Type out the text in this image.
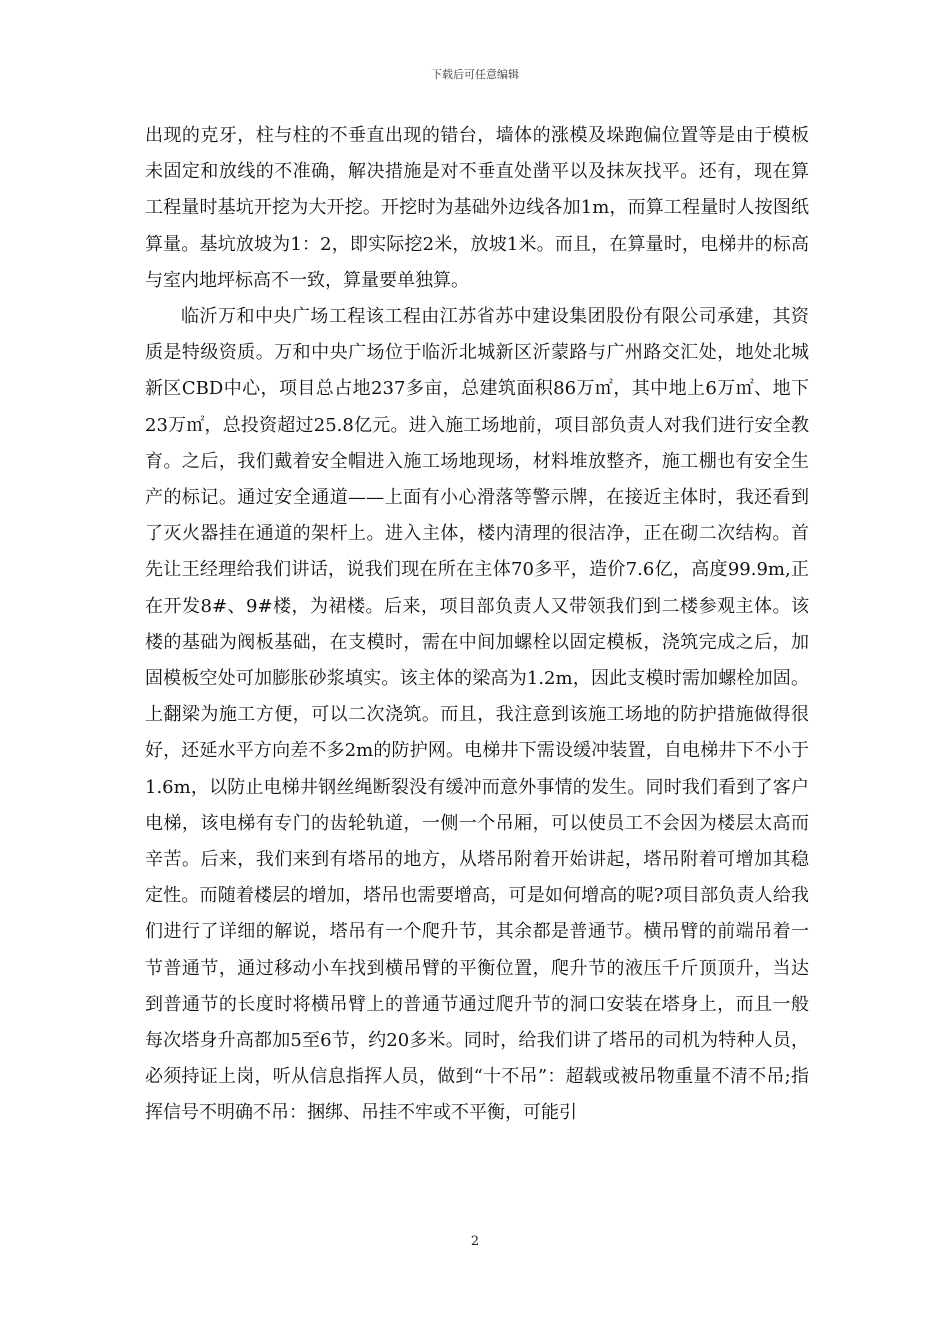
下载后可任意编辑

出现的克牙，柱与柱的不垂直出现的错台，墙体的涨模及垛跑偏位置等是由于模板未固定和放线的不准确，解决措施是对不垂直处凿平以及抹灰找平。还有，现在算工程量时基坑开挖为大开挖。开挖时为基础外边线各加1m，而算工程量时人按图纸算量。基坑放坡为1：2，即实际挖2米，放坡1米。而且，在算量时，电梯井的标高与室内地坪标高不一致，算量要单独算。

临沂万和中央广场工程该工程由江苏省苏中建设集团股份有限公司承建，其资质是特级资质。万和中央广场位于临沂北城新区沂蒙路与广州路交汇处，地处北城新区CBD中心，项目总占地237多亩，总建筑面积86万㎡，其中地上6万㎡、地下23万㎡，总投资超过25.8亿元。进入施工场地前，项目部负责人对我们进行安全教育。之后，我们戴着安全帽进入施工场地现场，材料堆放整齐，施工棚也有安全生产的标记。通过安全通道——上面有小心滑落等警示牌，在接近主体时，我还看到了灭火器挂在通道的架杆上。进入主体，楼内清理的很洁净，正在砌二次结构。首先让王经理给我们讲话，说我们现在所在主体70多平，造价7.6亿，高度99.9m,正在开发8#、9#楼，为裙楼。后来，项目部负责人又带领我们到二楼参观主体。该楼的基础为阀板基础，在支模时，需在中间加螺栓以固定模板，浇筑完成之后，加固模板空处可加膨胀砂浆填实。该主体的梁高为1.2m，因此支模时需加螺栓加固。上翻梁为施工方便，可以二次浇筑。而且，我注意到该施工场地的防护措施做得很好，还延水平方向差不多2m的防护网。电梯井下需设缓冲装置，自电梯井下不小于1.6m，以防止电梯井钢丝绳断裂没有缓冲而意外事情的发生。同时我们看到了客户电梯，该电梯有专门的齿轮轨道，一侧一个吊厢，可以使员工不会因为楼层太高而辛苦。后来，我们来到有塔吊的地方，从塔吊附着开始讲起，塔吊附着可增加其稳定性。而随着楼层的增加，塔吊也需要增高，可是如何增高的呢?项目部负责人给我们进行了详细的解说，塔吊有一个爬升节，其余都是普通节。横吊臂的前端吊着一节普通节，通过移动小车找到横吊臂的平衡位置，爬升节的液压千斤顶顶升，当达到普通节的长度时将横吊臂上的普通节通过爬升节的洞口安装在塔身上，而且一般每次塔身升高都加5至6节，约20多米。同时，给我们讲了塔吊的司机为特种人员，必须持证上岗，听从信息指挥人员，做到“十不吊”：超载或被吊物重量不清不吊;指挥信号不明确不吊：捆绑、吊挂不牢或不平衡，可能引

2
